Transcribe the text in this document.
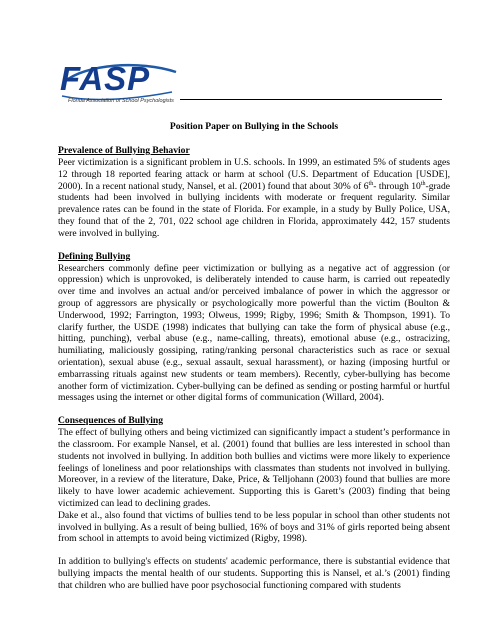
FASP
Florida Association of School Psychologists
Position Paper on Bullying in the Schools
Prevalence of Bullying Behavior

Peer victimization is a significant problem in U.S. schools. In 1999, an estimated 5% of students ages 12 through 18 reported fearing attack or harm at school (U.S. Department of Education [USDE], 2000). In a recent national study, Nansel, et al. (2001) found that about 30% of 6th- through 10th-grade students had been involved in bullying incidents with moderate or frequent regularity. Similar prevalence rates can be found in the state of Florida. For example, in a study by Bully Police, USA, they found that of the 2, 701, 022 school age children in Florida, approximately 442, 157 students were involved in bullying.

Defining Bullying

Researchers commonly define peer victimization or bullying as a negative act of aggression (or oppression) which is unprovoked, is deliberately intended to cause harm, is carried out repeatedly over time and involves an actual and/or perceived imbalance of power in which the aggressor or group of aggressors are physically or psychologically more powerful than the victim (Boulton & Underwood, 1992; Farrington, 1993; Olweus, 1999; Rigby, 1996; Smith & Thompson, 1991). To clarify further, the USDE (1998) indicates that bullying can take the form of physical abuse (e.g., hitting, punching), verbal abuse (e.g., name-calling, threats), emotional abuse (e.g., ostracizing, humiliating, maliciously gossiping, rating/ranking personal characteristics such as race or sexual orientation), sexual abuse (e.g., sexual assault, sexual harassment), or hazing (imposing hurtful or embarrassing rituals against new students or team members). Recently, cyber-bullying has become another form of victimization. Cyber-bullying can be defined as sending or posting harmful or hurtful messages using the internet or other digital forms of communication (Willard, 2004).

Consequences of Bullying

The effect of bullying others and being victimized can significantly impact a student’s performance in the classroom. For example Nansel, et al. (2001) found that bullies are less interested in school than students not involved in bullying. In addition both bullies and victims were more likely to experience feelings of loneliness and poor relationships with classmates than students not involved in bullying. Moreover, in a review of the literature, Dake, Price, & Telljohann (2003) found that bullies are more likely to have lower academic achievement. Supporting this is Garett’s (2003) finding that being victimized can lead to declining grades.

Dake et al., also found that victims of bullies tend to be less popular in school than other students not involved in bullying. As a result of being bullied, 16% of boys and 31% of girls reported being absent from school in attempts to avoid being victimized (Rigby, 1998).

In addition to bullying's effects on students' academic performance, there is substantial evidence that bullying impacts the mental health of our students. Supporting this is Nansel, et al.’s (2001) finding that children who are bullied have poor psychosocial functioning compared with students
